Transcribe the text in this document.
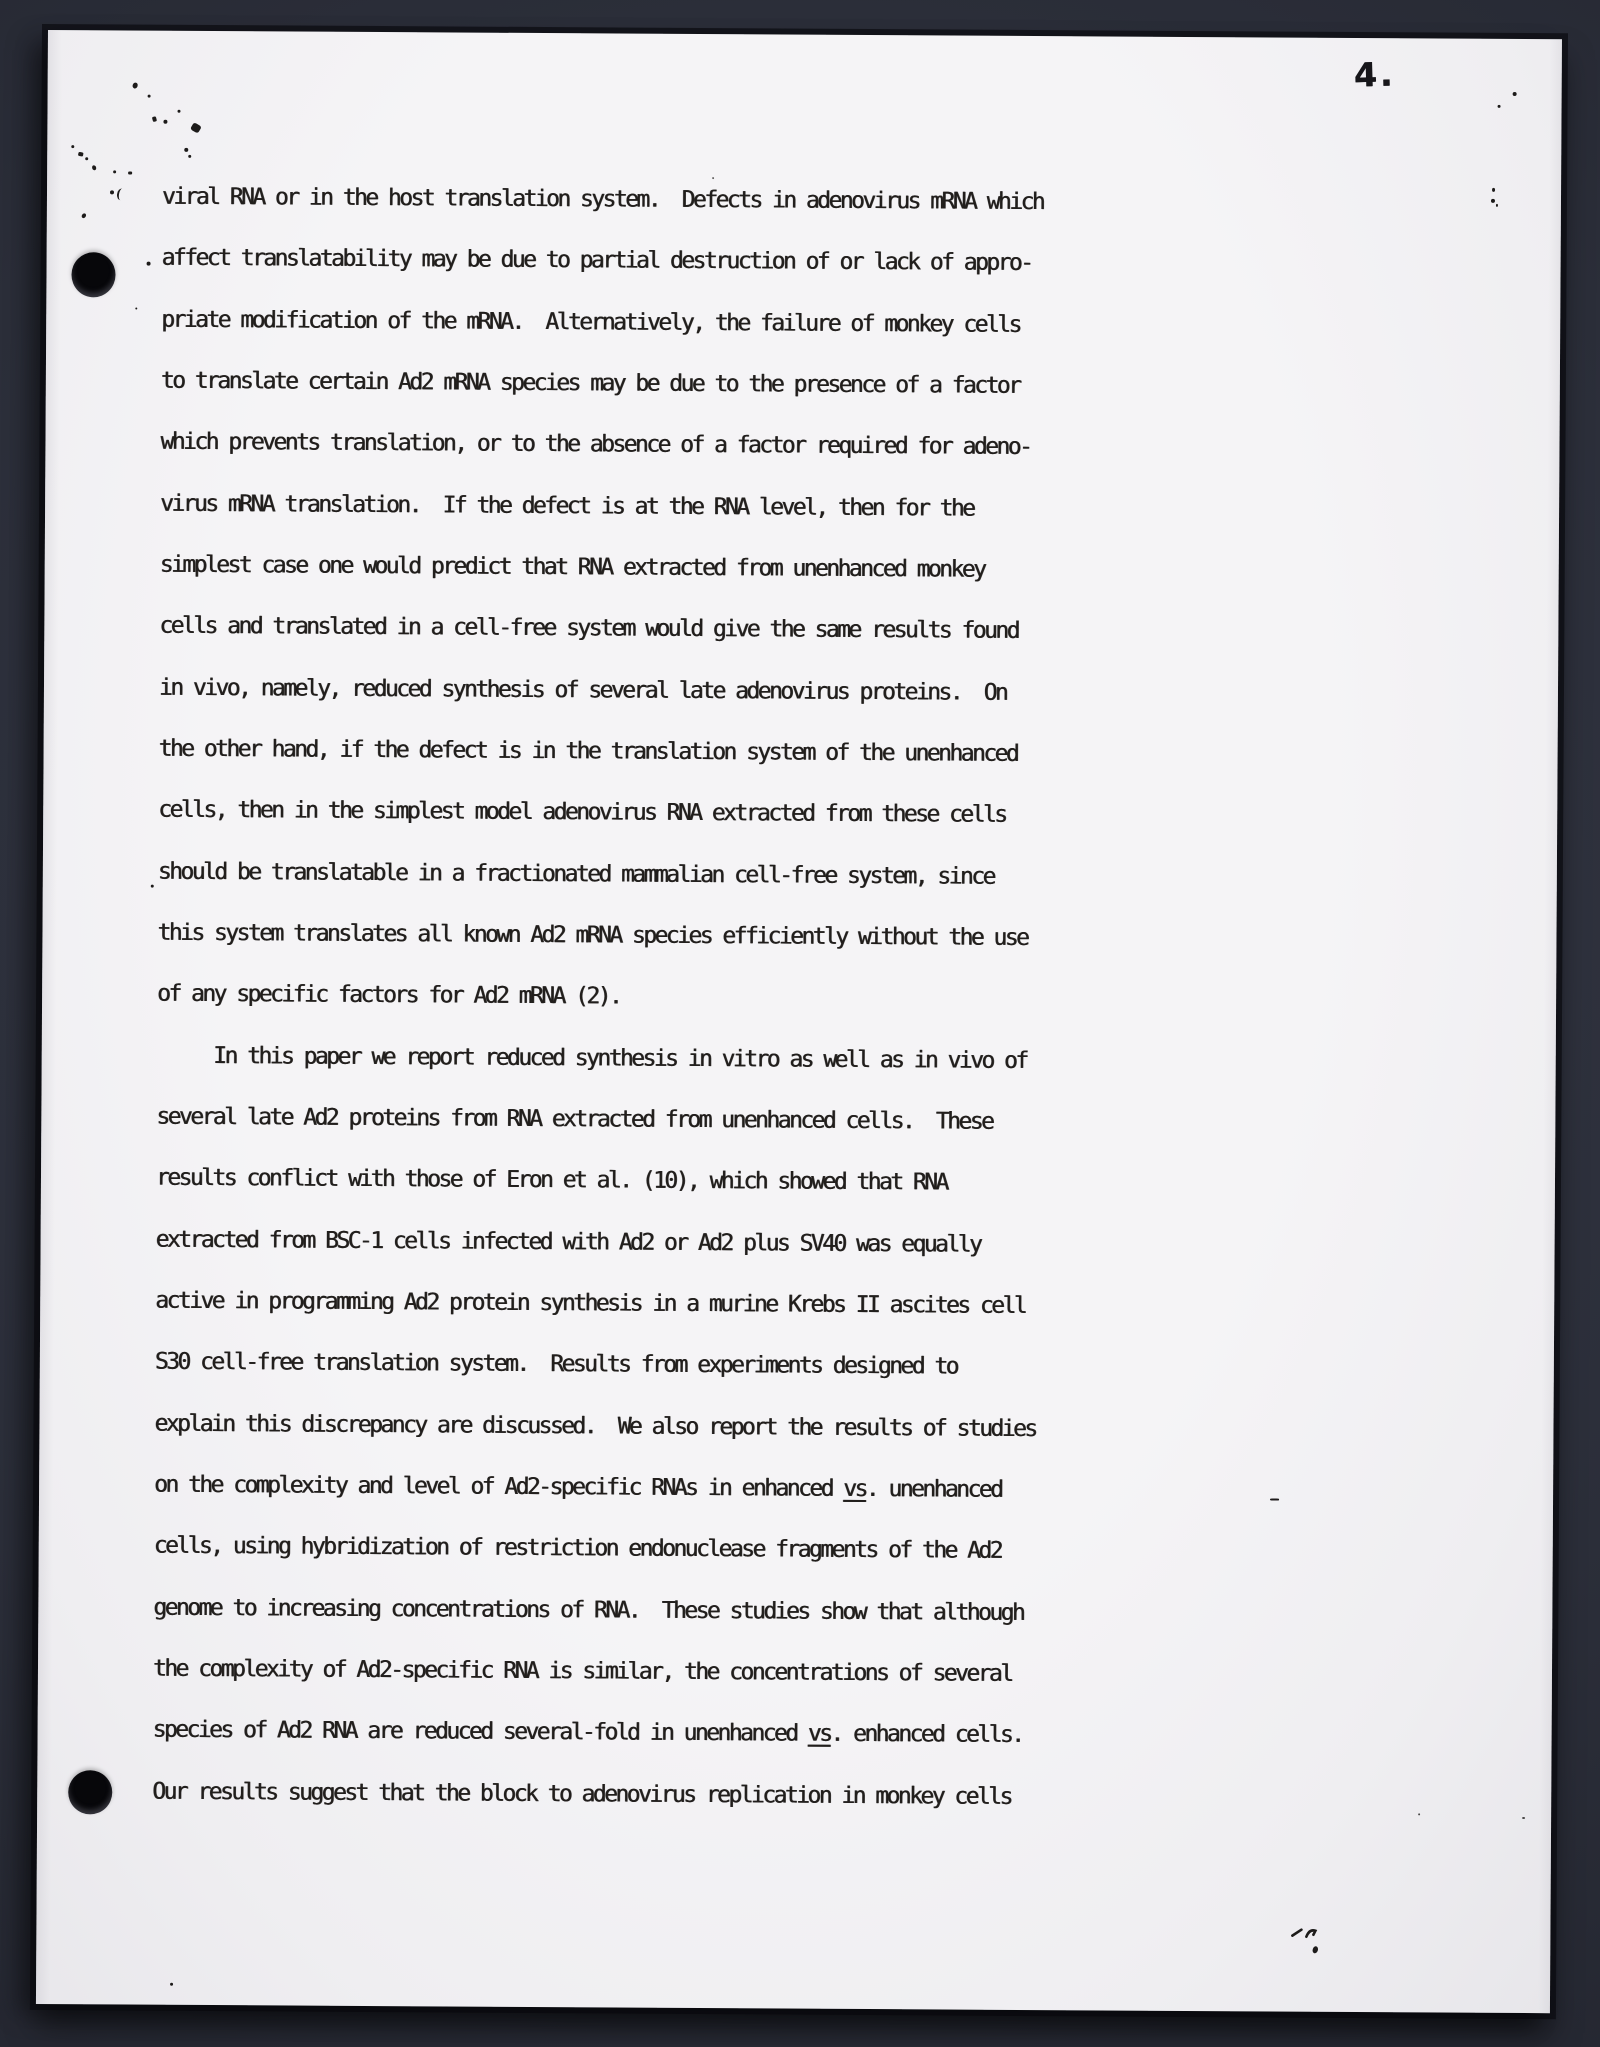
4.
viral RNA or in the host translation system.  Defects in adenovirus mRNA which
affect translatability may be due to partial destruction of or lack of appro-
priate modification of the mRNA.  Alternatively, the failure of monkey cells
to translate certain Ad2 mRNA species may be due to the presence of a factor
which prevents translation, or to the absence of a factor required for adeno-
virus mRNA translation.  If the defect is at the RNA level, then for the
simplest case one would predict that RNA extracted from unenhanced monkey
cells and translated in a cell-free system would give the same results found
in vivo, namely, reduced synthesis of several late adenovirus proteins.  On
the other hand, if the defect is in the translation system of the unenhanced
cells, then in the simplest model adenovirus RNA extracted from these cells
should be translatable in a fractionated mammalian cell-free system, since
this system translates all known Ad2 mRNA species efficiently without the use
of any specific factors for Ad2 mRNA (2).
In this paper we report reduced synthesis in vitro as well as in vivo of
several late Ad2 proteins from RNA extracted from unenhanced cells.  These
results conflict with those of Eron et al. (10), which showed that RNA
extracted from BSC-1 cells infected with Ad2 or Ad2 plus SV40 was equally
active in programming Ad2 protein synthesis in a murine Krebs II ascites cell
S30 cell-free translation system.  Results from experiments designed to
explain this discrepancy are discussed.  We also report the results of studies
on the complexity and level of Ad2-specific RNAs in enhanced vs. unenhanced
cells, using hybridization of restriction endonuclease fragments of the Ad2
genome to increasing concentrations of RNA.  These studies show that although
the complexity of Ad2-specific RNA is similar, the concentrations of several
species of Ad2 RNA are reduced several-fold in unenhanced vs. enhanced cells.
Our results suggest that the block to adenovirus replication in monkey cells
